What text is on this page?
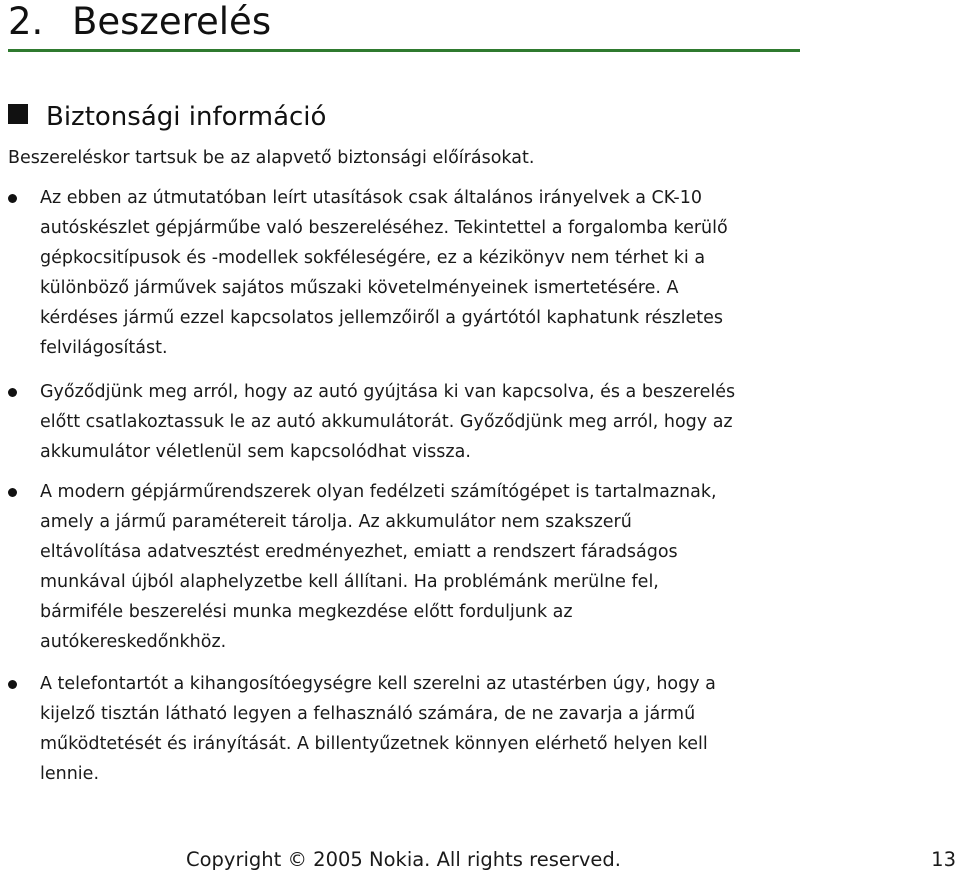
2. Beszerelés
Biztonsági információ

Beszereléskor tartsuk be az alapvető biztonsági előírásokat.

Az ebben az útmutatóban leírt utasítások csak általános irányelvek a CK-10
autóskészlet gépjárműbe való beszereléséhez. Tekintettel a forgalomba kerülő
gépkocsitípusok és -modellek sokféleségére, ez a kézikönyv nem térhet ki a
különböző járművek sajátos műszaki követelményeinek ismertetésére. A
kérdéses jármű ezzel kapcsolatos jellemzőiről a gyártótól kaphatunk részletes
felvilágosítást.
Győződjünk meg arról, hogy az autó gyújtása ki van kapcsolva, és a beszerelés
előtt csatlakoztassuk le az autó akkumulátorát. Győződjünk meg arról, hogy az
akkumulátor véletlenül sem kapcsolódhat vissza.
A modern gépjárműrendszerek olyan fedélzeti számítógépet is tartalmaznak,
amely a jármű paramétereit tárolja. Az akkumulátor nem szakszerű
eltávolítása adatvesztést eredményezhet, emiatt a rendszert fáradságos
munkával újból alaphelyzetbe kell állítani. Ha problémánk merülne fel,
bármiféle beszerelési munka megkezdése előtt forduljunk az
autókereskedőnkhöz.
A telefontartót a kihangosítóegységre kell szerelni az utastérben úgy, hogy a
kijelző tisztán látható legyen a felhasználó számára, de ne zavarja a jármű
működtetését és irányítását. A billentyűzetnek könnyen elérhető helyen kell
lennie.
Copyright © 2005 Nokia. All rights reserved.	13
